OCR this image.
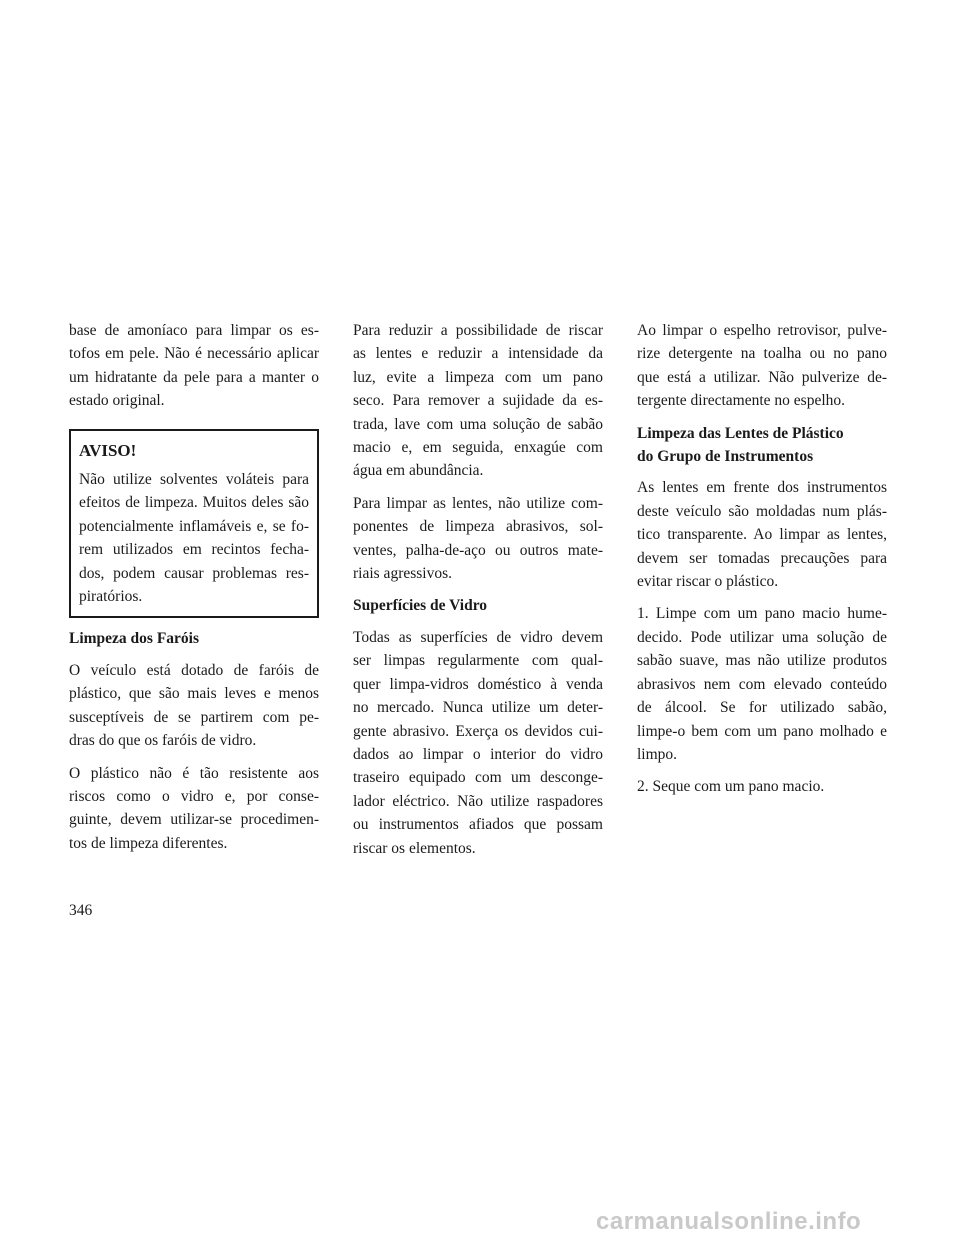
base de amoníaco para limpar os es-
tofos em pele. Não é necessário aplicar
um hidratante da pele para a manter o
estado original.
AVISO!
Não utilize solventes voláteis para
efeitos de limpeza. Muitos deles são
potencialmente inflamáveis e, se fo-
rem utilizados em recintos fecha-
dos, podem causar problemas res-
piratórios.
Limpeza dos Faróis
O veículo está dotado de faróis de
plástico, que são mais leves e menos
susceptíveis de se partirem com pe-
dras do que os faróis de vidro.
O plástico não é tão resistente aos
riscos como o vidro e, por conse-
guinte, devem utilizar-se procedimen-
tos de limpeza diferentes.
Para reduzir a possibilidade de riscar
as lentes e reduzir a intensidade da
luz, evite a limpeza com um pano
seco. Para remover a sujidade da es-
trada, lave com uma solução de sabão
macio e, em seguida, enxagúe com
água em abundância.
Para limpar as lentes, não utilize com-
ponentes de limpeza abrasivos, sol-
ventes, palha-de-aço ou outros mate-
riais agressivos.
Superfícies de Vidro
Todas as superfícies de vidro devem
ser limpas regularmente com qual-
quer limpa-vidros doméstico à venda
no mercado. Nunca utilize um deter-
gente abrasivo. Exerça os devidos cui-
dados ao limpar o interior do vidro
traseiro equipado com um desconge-
lador eléctrico. Não utilize raspadores
ou instrumentos afiados que possam
riscar os elementos.
Ao limpar o espelho retrovisor, pulve-
rize detergente na toalha ou no pano
que está a utilizar. Não pulverize de-
tergente directamente no espelho.
Limpeza das Lentes de Plástico
do Grupo de Instrumentos
As lentes em frente dos instrumentos
deste veículo são moldadas num plás-
tico transparente. Ao limpar as lentes,
devem ser tomadas precauções para
evitar riscar o plástico.
1. Limpe com um pano macio hume-
decido. Pode utilizar uma solução de
sabão suave, mas não utilize produtos
abrasivos nem com elevado conteúdo
de álcool. Se for utilizado sabão,
limpe-o bem com um pano molhado e
limpo.
2. Seque com um pano macio.
346
carmanualsonline.info
